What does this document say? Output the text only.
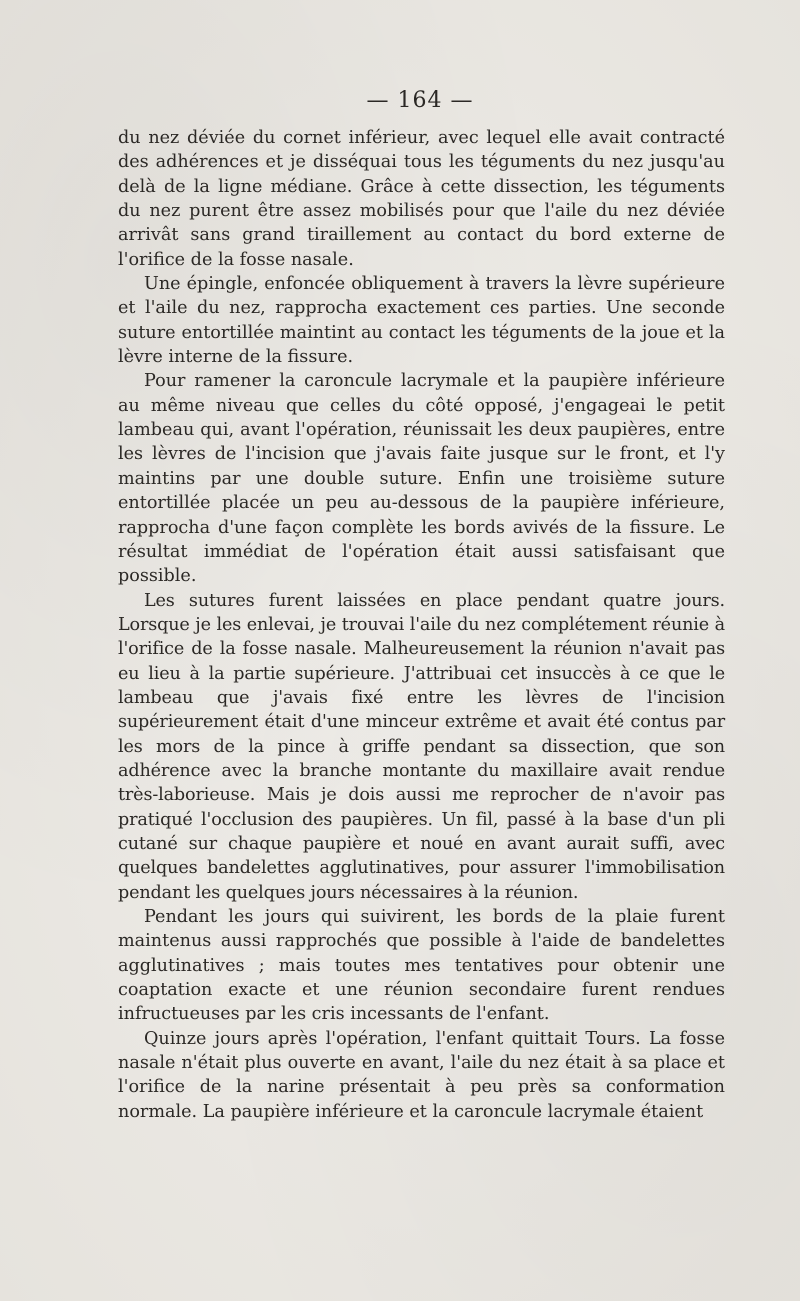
— 164 —

du nez déviée du cornet inférieur, avec lequel elle avait contracté des adhérences et je disséquai tous les téguments du nez jusqu'au delà de la ligne médiane. Grâce à cette dissection, les téguments du nez purent être assez mobilisés pour que l'aile du nez déviée arrivât sans grand tiraillement au contact du bord externe de l'orifice de la fosse nasale.

Une épingle, enfoncée obliquement à travers la lèvre supérieure et l'aile du nez, rapprocha exactement ces parties. Une seconde suture entortillée maintint au contact les téguments de la joue et la lèvre interne de la fissure.

Pour ramener la caroncule lacrymale et la paupière inférieure au même niveau que celles du côté opposé, j'engageai le petit lambeau qui, avant l'opération, réunissait les deux paupières, entre les lèvres de l'incision que j'avais faite jusque sur le front, et l'y maintins par une double suture. Enfin une troisième suture entortillée placée un peu au-dessous de la paupière inférieure, rapprocha d'une façon complète les bords avivés de la fissure. Le résultat immédiat de l'opération était aussi satisfaisant que possible.

Les sutures furent laissées en place pendant quatre jours. Lorsque je les enlevai, je trouvai l'aile du nez complétement réunie à l'orifice de la fosse nasale. Malheureusement la réunion n'avait pas eu lieu à la partie supérieure. J'attribuai cet insuccès à ce que le lambeau que j'avais fixé entre les lèvres de l'incision supérieurement était d'une minceur extrême et avait été contus par les mors de la pince à griffe pendant sa dissection, que son adhérence avec la branche montante du maxillaire avait rendue très-laborieuse. Mais je dois aussi me reprocher de n'avoir pas pratiqué l'occlusion des paupières. Un fil, passé à la base d'un pli cutané sur chaque paupière et noué en avant aurait suffi, avec quelques bandelettes agglutinatives, pour assurer l'immobilisation pendant les quelques jours nécessaires à la réunion.

Pendant les jours qui suivirent, les bords de la plaie furent maintenus aussi rapprochés que possible à l'aide de bandelettes agglutinatives ; mais toutes mes tentatives pour obtenir une coaptation exacte et une réunion secondaire furent rendues infructueuses par les cris incessants de l'enfant.

Quinze jours après l'opération, l'enfant quittait Tours. La fosse nasale n'était plus ouverte en avant, l'aile du nez était à sa place et l'orifice de la narine présentait à peu près sa conformation normale. La paupière inférieure et la caroncule lacrymale étaient
